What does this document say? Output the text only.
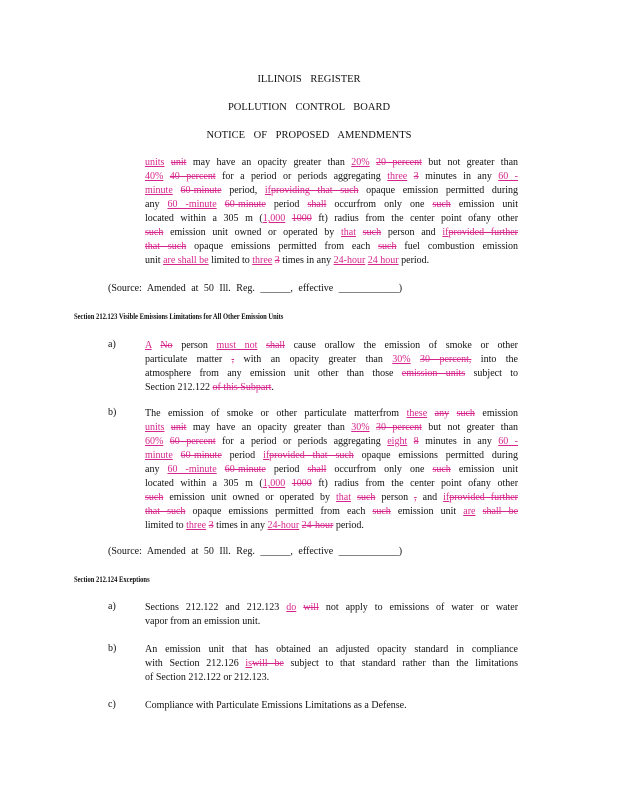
ILLINOIS REGISTER
POLLUTION CONTROL BOARD
NOTICE OF PROPOSED AMENDMENTS
units unit may have an opacity greater than 20% 20 percent but not greater than
40% 40 percent for a period or periods aggregating three 3 minutes in any 60 -
minute 60-minute period, ifproviding that such opaque emission permitted during
any 60 -minute 60-minute period shall occurfrom only one such emission unit
located within a 305 m (1,000 1000 ft) radius from the center point ofany other
such emission unit owned or operated by that such person and ifprovided further
that such opaque emissions permitted from each such fuel combustion emission
unit are shall be limited to three 3 times in any 24-hour 24 hour period.
(Source: Amended at 50 Ill. Reg. ______, effective ____________)
Section 212.123 Visible Emissions Limitations for All Other Emission Units
a)	A No person must not shall cause orallow the emission of smoke or other
particulate matter , with an opacity greater than 30% 30 percent, into the
atmosphere from any emission unit other than those emission units subject to
Section 212.122 of this Subpart.
b)	The emission of smoke or other particulate matterfrom these any such emission
units unit may have an opacity greater than 30% 30 percent but not greater than
60% 60 percent for a period or periods aggregating eight 8 minutes in any 60 -
minute 60-minute period ifprovided that such opaque emissions permitted during
any 60 -minute 60-minute period shall occurfrom only one such emission unit
located within a 305 m (1,000 1000 ft) radius from the center point ofany other
such emission unit owned or operated by that such person , and ifprovided further
that such opaque emissions permitted from each such emission unit are shall be
limited to three 3 times in any 24-hour 24-hour period.
(Source: Amended at 50 Ill. Reg. ______, effective ____________)
Section 212.124 Exceptions
a)	Sections 212.122 and 212.123 do will not apply to emissions of water or water
vapor from an emission unit.
b)	An emission unit that has obtained an adjusted opacity standard in compliance
with Section 212.126 iswill be subject to that standard rather than the limitations
of Section 212.122 or 212.123.
c)	Compliance with Particulate Emissions Limitations as a Defense.
